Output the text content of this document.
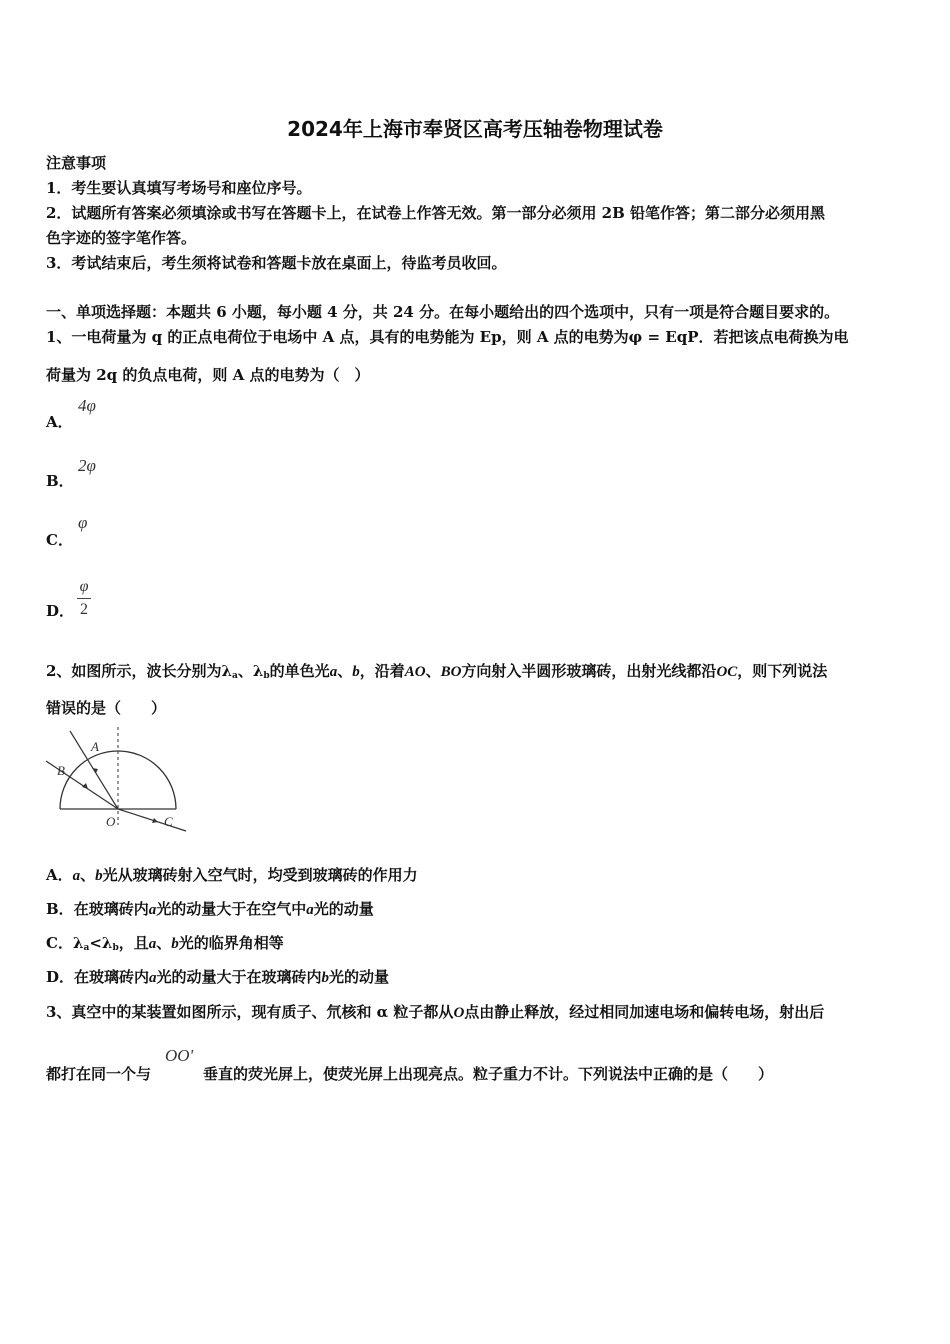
2024年上海市奉贤区高考压轴卷物理试卷
注意事项
1．考生要认真填写考场号和座位序号。
2．试题所有答案必须填涂或书写在答题卡上，在试卷上作答无效。第一部分必须用 2B 铅笔作答；第二部分必须用黑
色字迹的签字笔作答。
3．考试结束后，考生须将试卷和答题卡放在桌面上，待监考员收回。
一、单项选择题：本题共 6 小题，每小题 4 分，共 24 分。在每小题给出的四个选项中，只有一项是符合题目要求的。
1、一电荷量为 q 的正点电荷位于电场中 A 点，具有的电势能为 Ep，则 A 点的电势为φ = EqP．若把该点电荷换为电
荷量为 2q 的负点电荷，则 A 点的电势为（　）
A．
4φ
B．
2φ
C．
φ
D．
φ
2
2、如图所示，波长分别为$\lambda_a$、$\lambda_b$的单色光a、b，沿着AO、BO方向射入半圆形玻璃砖，出射光线都沿OC，则下列说法
错误的是（　　）
A
B
O	C
A．a、b光从玻璃砖射入空气时，均受到玻璃砖的作用力
B．在玻璃砖内a光的动量大于在空气中a光的动量
C．$\lambda_a<\lambda_b$，且a、b光的临界角相等
D．在玻璃砖内a光的动量大于在玻璃砖内b光的动量
3、真空中的某装置如图所示，现有质子、氘核和 α 粒子都从O点由静止释放，经过相同加速电场和偏转电场，射出后
都打在同一个与
OO'
垂直的荧光屏上，使荧光屏上出现亮点。粒子重力不计。下列说法中正确的是（　　）
